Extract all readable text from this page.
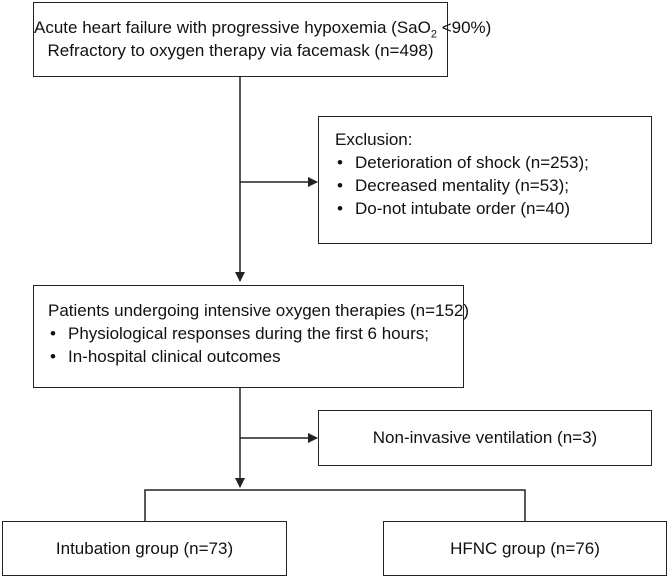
Acute heart failure with progressive hypoxemia (SaO$_2$ <90%)
Refractory to oxygen therapy via facemask (n=498)
Exclusion:
• Deterioration of shock (n=253);
• Decreased mentality (n=53);
• Do-not intubate order (n=40)
Patients undergoing intensive oxygen therapies (n=152)
• Physiological responses during the first 6 hours;
• In-hospital clinical outcomes
Non-invasive ventilation (n=3)
Intubation group (n=73)	HFNC group (n=76)
